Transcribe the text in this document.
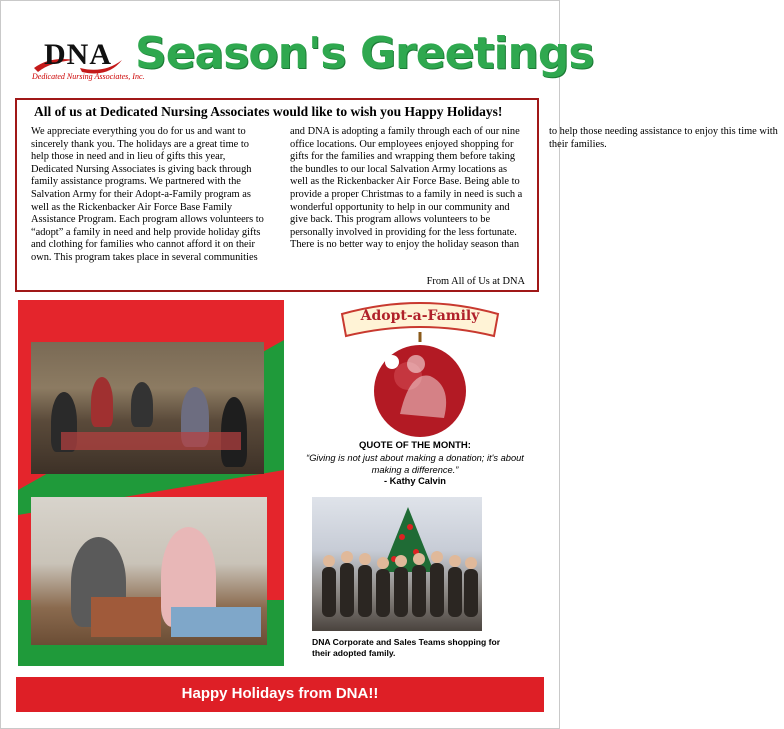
DNA
Dedicated Nursing Associates, Inc.
Season's Greetings
All of us at Dedicated Nursing Associates would like to wish you Happy Holidays!
We appreciate everything you do for us and want to sincerely thank you. The holidays are a great time to help those in need and in lieu of gifts this year, Dedicated Nursing Associates is giving back through family assistance programs. We partnered with the Salvation Army for their Adopt-a-Family program as well as the Rickenbacker Air Force Base Family Assistance Program. Each program allows volunteers to “adopt” a family in need and help provide holiday gifts and clothing for families who cannot afford it on their own. This program takes place in several communities and DNA is adopting a family through each of our nine office locations. Our employees enjoyed shopping for gifts for the families and wrapping them before taking the bundles to our local Salvation Army locations as well as the Rickenbacker Air Force Base. Being able to provide a proper Christmas to a family in need is such a wonderful opportunity to help in our community and give back. This program allows volunteers to be personally involved in providing for the less fortunate. There is no better way to enjoy the holiday season than to help those needing assistance to enjoy this time with their families.
From All of Us at DNA
Adopt-a-Family
QUOTE OF THE MONTH:
“Giving is not just about making a donation; it's about making a difference.”
- Kathy Calvin
DNA Corporate and Sales Teams shopping for their adopted family.
Happy Holidays from DNA!!
